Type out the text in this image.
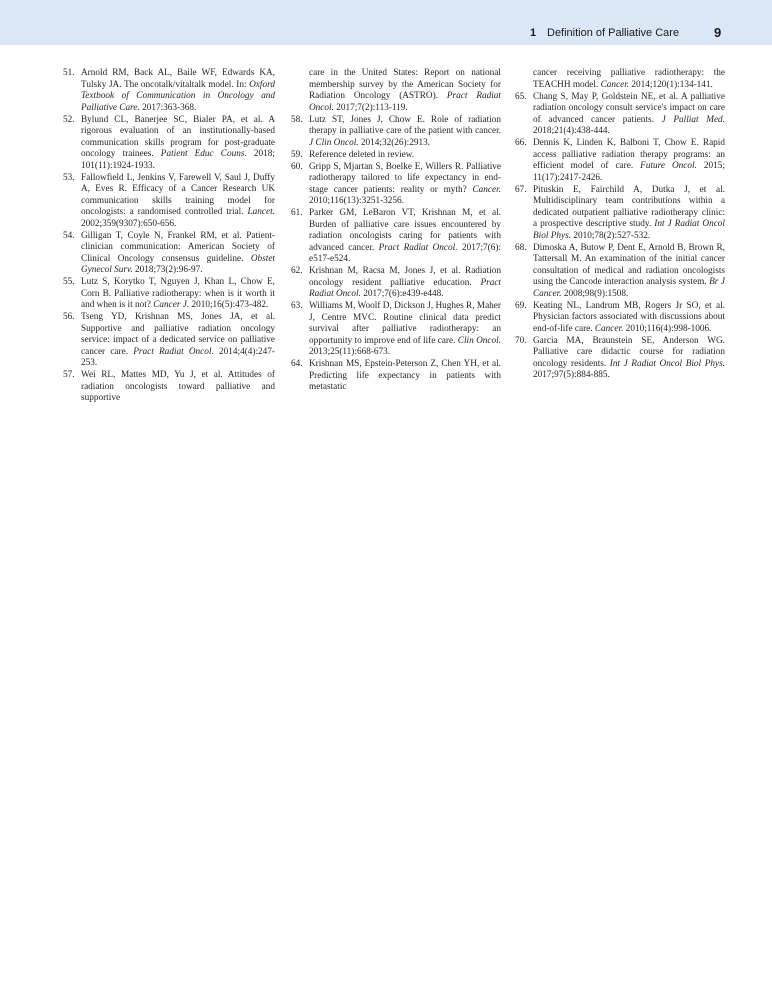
1 Definition of Palliative Care	9
51. Arnold RM, Back AL, Baile WF, Edwards KA, Tulsky JA. The oncotalk/vitaltalk model. In: Oxford Textbook of Communication in Oncology and Palliative Care. 2017:363-368.
52. Bylund CL, Banerjee SC, Bialer PA, et al. A rigorous evaluation of an institutionally-based communication skills program for post-graduate oncology trainees. Patient Educ Couns. 2018; 101(11):1924-1933.
53. Fallowfield L, Jenkins V, Farewell V, Saul J, Duffy A, Eves R. Efficacy of a Cancer Research UK communication skills training model for oncologists: a randomised controlled trial. Lancet. 2002;359(9307):650-656.
54. Gilligan T, Coyle N, Frankel RM, et al. Patient-clinician communication: American Society of Clinical Oncology consensus guideline. Obstet Gynecol Surv. 2018;73(2):96-97.
55. Lutz S, Korytko T, Nguyen J, Khan L, Chow E, Corn B. Palliative radiotherapy: when is it worth it and when is it not? Cancer J. 2010;16(5):473-482.
56. Tseng YD, Krishnan MS, Jones JA, et al. Supportive and palliative radiation oncology service: impact of a dedicated service on palliative cancer care. Pract Radiat Oncol. 2014;4(4):247-253.
57. Wei RL, Mattes MD, Yu J, et al. Attitudes of radiation oncologists toward palliative and supportive
care in the United States: Report on national membership survey by the American Society for Radiation Oncology (ASTRO). Pract Radiat Oncol. 2017;7(2):113-119.
58. Lutz ST, Jones J, Chow E. Role of radiation therapy in palliative care of the patient with cancer. J Clin Oncol. 2014;32(26):2913.
59. Reference deleted in review.
60. Gripp S, Mjartan S, Boelke E, Willers R. Palliative radiotherapy tailored to life expectancy in end-stage cancer patients: reality or myth? Cancer. 2010;116(13):3251-3256.
61. Parker GM, LeBaron VT, Krishnan M, et al. Burden of palliative care issues encountered by radiation oncologists caring for patients with advanced cancer. Pract Radiat Oncol. 2017;7(6): e517-e524.
62. Krishnan M, Racsa M, Jones J, et al. Radiation oncology resident palliative education. Pract Radiat Oncol. 2017;7(6):e439-e448.
63. Williams M, Woolf D, Dickson J, Hughes R, Maher J, Centre MVC. Routine clinical data predict survival after palliative radiotherapy: an opportunity to improve end of life care. Clin Oncol. 2013;25(11):668-673.
64. Krishnan MS, Epstein-Peterson Z, Chen YH, et al. Predicting life expectancy in patients with metastatic
cancer receiving palliative radiotherapy: the TEACHH model. Cancer. 2014;120(1):134-141.
65. Chang S, May P, Goldstein NE, et al. A palliative radiation oncology consult service's impact on care of advanced cancer patients. J Palliat Med. 2018;21(4):438-444.
66. Dennis K, Linden K, Balboni T, Chow E. Rapid access palliative radiation therapy programs: an efficient model of care. Future Oncol. 2015; 11(17):2417-2426.
67. Pituskin E, Fairchild A, Dutka J, et al. Multidisciplinary team contributions within a dedicated outpatient palliative radiotherapy clinic: a prospective descriptive study. Int J Radiat Oncol Biol Phys. 2010;78(2):527-532.
68. Dimoska A, Butow P, Dent E, Arnold B, Brown R, Tattersall M. An examination of the initial cancer consultation of medical and radiation oncologists using the Cancode interaction analysis system. Br J Cancer. 2008;98(9):1508.
69. Keating NL, Landrum MB, Rogers Jr SO, et al. Physician factors associated with discussions about end-of-life care. Cancer. 2010;116(4):998-1006.
70. Garcia MA, Braunstein SE, Anderson WG. Palliative care didactic course for radiation oncology residents. Int J Radiat Oncol Biol Phys. 2017;97(5):884-885.
